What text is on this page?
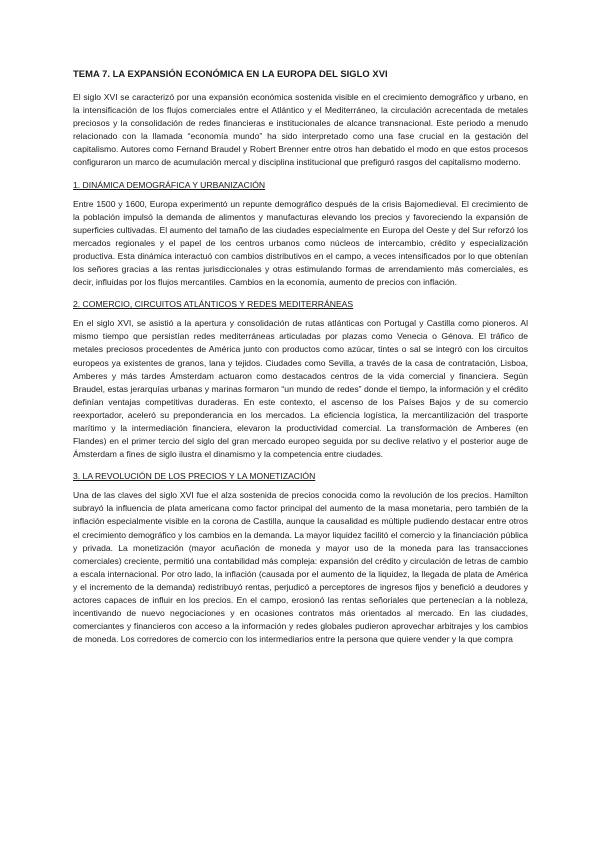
TEMA 7. LA EXPANSIÓN ECONÓMICA EN LA EUROPA DEL SIGLO XVI

El siglo XVI se caracterizó por una expansión económica sostenida visible en el crecimiento demográfico y urbano, en la intensificación de los flujos comerciales entre el Atlántico y el Mediterráneo, la circulación acrecentada de metales preciosos y la consolidación de redes financieras e institucionales de alcance transnacional. Este periodo a menudo relacionado con la llamada “economía mundo” ha sido interpretado como una fase crucial en la gestación del capitalismo. Autores como Fernand Braudel y Robert Brenner entre otros han debatido el modo en que estos procesos configuraron un marco de acumulación mercal y disciplina institucional que prefiguró rasgos del capitalismo moderno.

1. DINÁMICA DEMOGRÁFICA Y URBANIZACIÓN

Entre 1500 y 1600, Europa experimentó un repunte demográfico después de la crisis Bajomedieval. El crecimiento de la población impulsó la demanda de alimentos y manufacturas elevando los precios y favoreciendo la expansión de superficies cultivadas. El aumento del tamaño de las ciudades especialmente en Europa del Oeste y del Sur reforzó los mercados regionales y el papel de los centros urbanos como núcleos de intercambio, crédito y especialización productiva. Esta dinámica interactuó con cambios distributivos en el campo, a veces intensificados por lo que obtenían los señores gracias a las rentas jurisdiccionales y otras estimulando formas de arrendamiento más comerciales, es decir, influidas por los flujos mercantiles. Cambios en la economía, aumento de precios con inflación.

2. COMERCIO, CIRCUITOS ATLÁNTICOS Y REDES MEDITERRÁNEAS

En el siglo XVI, se asistió a la apertura y consolidación de rutas atlánticas con Portugal y Castilla como pioneros. Al mismo tiempo que persistían redes mediterráneas articuladas por plazas como Venecia o Génova. El tráfico de metales preciosos procedentes de América junto con productos como azúcar, tintes o sal se integró con los circuitos europeos ya existentes de granos, lana y tejidos. Ciudades como Sevilla, a través de la casa de contratación, Lisboa, Amberes y más tardes Ámsterdam actuaron como destacados centros de la vida comercial y financiera. Según Braudel, estas jerarquías urbanas y marinas formaron “un mundo de redes” donde el tiempo, la información y el crédito definían ventajas competitivas duraderas. En este contexto, el ascenso de los Países Bajos y de su comercio reexportador, aceleró su preponderancia en los mercados. La eficiencia logística, la mercantilización del trasporte marítimo y la intermediación financiera, elevaron la productividad comercial. La transformación de Amberes (en Flandes) en el primer tercio del siglo del gran mercado europeo seguida por su declive relativo y el posterior auge de Ámsterdam a fines de siglo ilustra el dinamismo y la competencia entre ciudades.

3. LA REVOLUCIÓN DE LOS PRECIOS Y LA MONETIZACIÓN

Una de las claves del siglo XVI fue el alza sostenida de precios conocida como la revolución de los precios. Hamilton subrayó la influencia de plata americana como factor principal del aumento de la masa monetaria, pero también de la inflación especialmente visible en la corona de Castilla, aunque la causalidad es múltiple pudiendo destacar entre otros el crecimiento demográfico y los cambios en la demanda. La mayor liquidez facilitó el comercio y la financiación pública y privada. La monetización (mayor acuñación de moneda y mayor uso de la moneda para las transacciones comerciales) creciente, permitió una contabilidad más compleja: expansión del crédito y circulación de letras de cambio a escala internacional. Por otro lado, la inflación (causada por el aumento de la liquidez, la llegada de plata de América y el incremento de la demanda) redistribuyó rentas, perjudicó a perceptores de ingresos fijos y benefició a deudores y actores capaces de influir en los precios. En el campo, erosionó las rentas señoriales que pertenecían a la nobleza, incentivando de nuevo negociaciones y en ocasiones contratos más orientados al mercado. En las ciudades, comerciantes y financieros con acceso a la información y redes globales pudieron aprovechar arbitrajes y los cambios de moneda. Los corredores de comercio con los intermediarios entre la persona que quiere vender y la que compra
